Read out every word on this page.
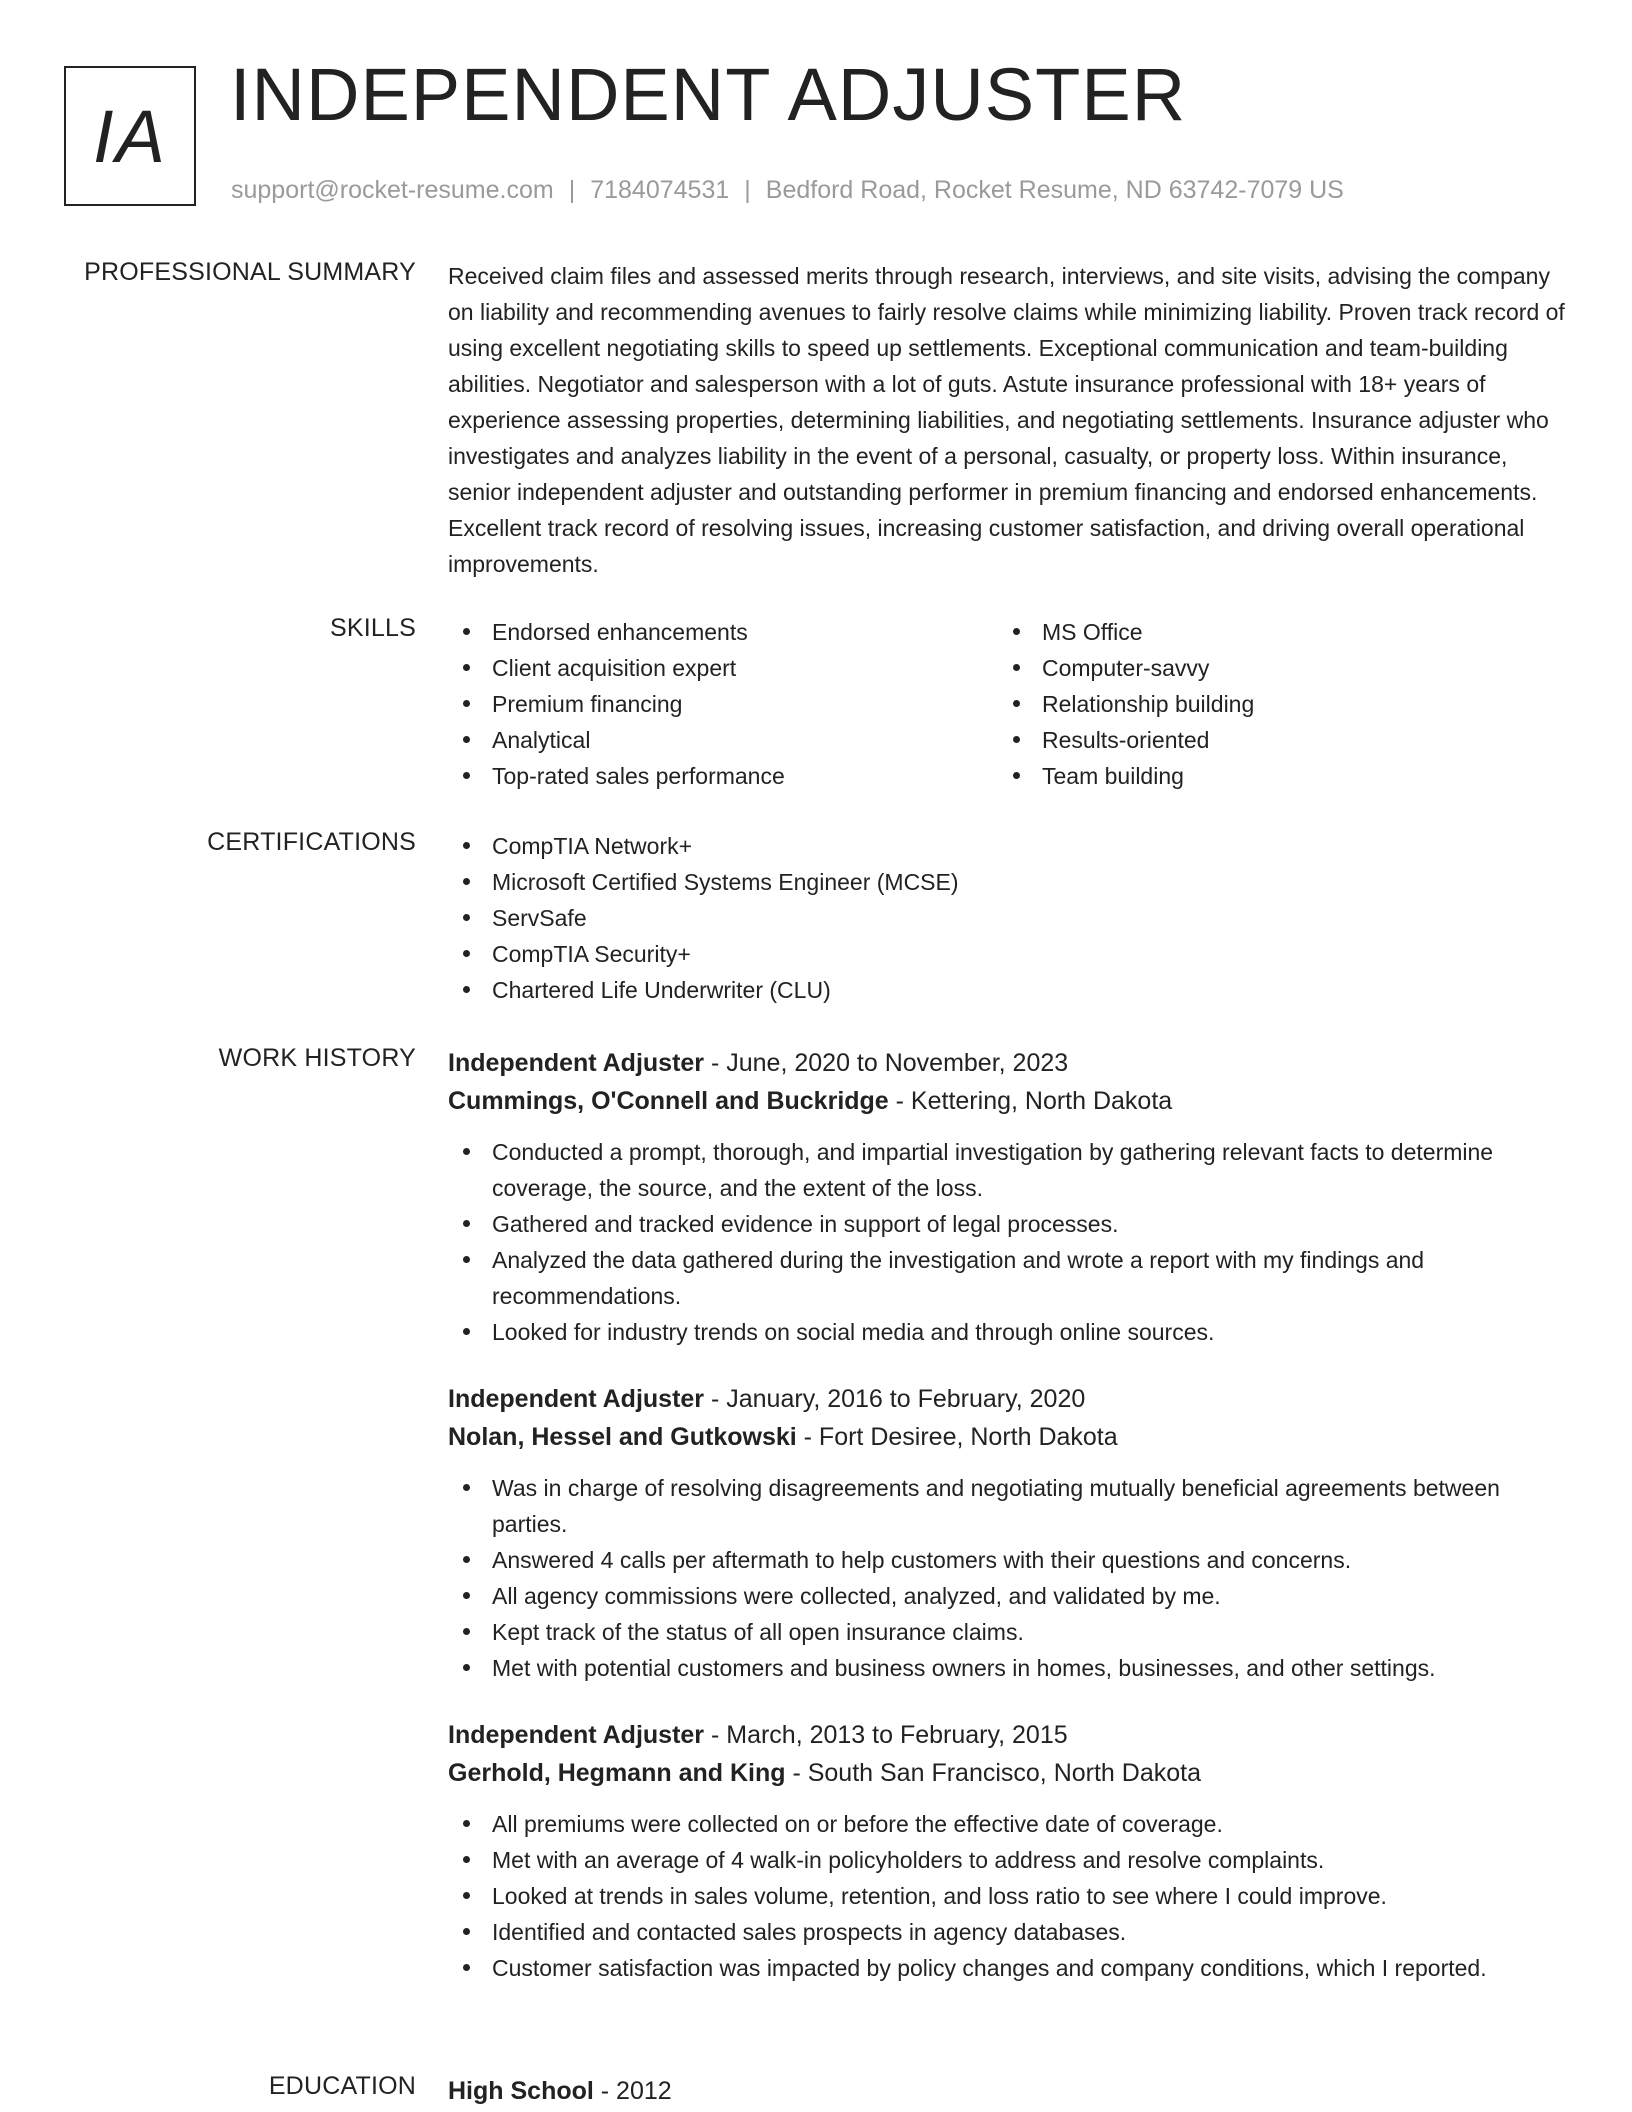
IA INDEPENDENT ADJUSTER
support@rocket-resume.com | 7184074531 | Bedford Road, Rocket Resume, ND 63742-7079 US
PROFESSIONAL SUMMARY Received claim files and assessed merits through research, interviews, and site visits, advising the company on liability and recommending avenues to fairly resolve claims while minimizing liability. Proven track record of using excellent negotiating skills to speed up settlements. Exceptional communication and team-building abilities. Negotiator and salesperson with a lot of guts. Astute insurance professional with 18+ years of experience assessing properties, determining liabilities, and negotiating settlements. Insurance adjuster who investigates and analyzes liability in the event of a personal, casualty, or property loss. Within insurance, senior independent adjuster and outstanding performer in premium financing and endorsed enhancements. Excellent track record of resolving issues, increasing customer satisfaction, and driving overall operational improvements.

SKILLS	Endorsed enhancements
Client acquisition expert
Premium financing
Analytical
Top-rated sales performance
MS Office
Computer-savvy
Relationship building
Results-oriented
Team building
CERTIFICATIONS	CompTIA Network+
Microsoft Certified Systems Engineer (MCSE)
ServSafe
CompTIA Security+
Chartered Life Underwriter (CLU)
WORK HISTORY Independent Adjuster - June, 2020 to November, 2023
Cummings, O'Connell and Buckridge - Kettering, North Dakota
Conducted a prompt, thorough, and impartial investigation by gathering relevant facts to determine coverage, the source, and the extent of the loss.
Gathered and tracked evidence in support of legal processes.
Analyzed the data gathered during the investigation and wrote a report with my findings and recommendations.
Looked for industry trends on social media and through online sources.
Independent Adjuster - January, 2016 to February, 2020
Nolan, Hessel and Gutkowski - Fort Desiree, North Dakota
Was in charge of resolving disagreements and negotiating mutually beneficial agreements between parties.
Answered 4 calls per aftermath to help customers with their questions and concerns.
All agency commissions were collected, analyzed, and validated by me.
Kept track of the status of all open insurance claims.
Met with potential customers and business owners in homes, businesses, and other settings.
Independent Adjuster - March, 2013 to February, 2015
Gerhold, Hegmann and King - South San Francisco, North Dakota
All premiums were collected on or before the effective date of coverage.
Met with an average of 4 walk-in policyholders to address and resolve complaints.
Looked at trends in sales volume, retention, and loss ratio to see where I could improve.
Identified and contacted sales prospects in agency databases.
Customer satisfaction was impacted by policy changes and company conditions, which I reported.
EDUCATION High School - 2012
